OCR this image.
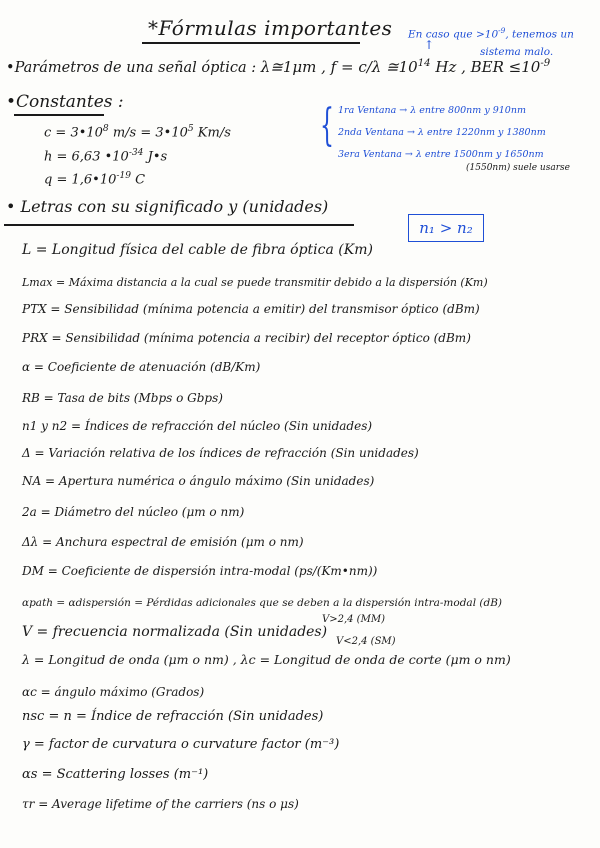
*Fórmulas importantes En caso que $>10^{-9}$, tenemos un
sistema malo.
↑
•Parámetros de una señal óptica : λ≅1μm , f = c/λ $≅10^{14}$ Hz , BER $\le 10^{-9}$
•Constantes :
$c = 3•10^8$ $m/s = 3•10^5$ Km/s
h = 6,63 $•10^{-34}$ J•s
$q = 1,6•10^{-19}$ C
{ 1ra Ventana → λ entre 800nm y 910nm
2nda Ventana → λ entre 1220nm y 1380nm
3era Ventana → λ entre 1500nm y 1650nm
(1550nm) suele usarse
• Letras con su significado y (unidades)
n₁ > n₂
L = Longitud física del cable de fibra óptica (Km)
Lmax = Máxima distancia a la cual se puede transmitir debido a la dispersión (Km)
PTX = Sensibilidad (mínima potencia a emitir) del transmisor óptico (dBm)
PRX = Sensibilidad (mínima potencia a recibir) del receptor óptico (dBm)
α = Coeficiente de atenuación (dB/Km)
RB = Tasa de bits (Mbps o Gbps)
n1 y n2 = Índices de refracción del núcleo (Sin unidades)
Δ = Variación relativa de los índices de refracción (Sin unidades)
NA = Apertura numérica o ángulo máximo (Sin unidades)
2a = Diámetro del núcleo (μm o nm)
Δλ = Anchura espectral de emisión (μm o nm)
DM = Coeficiente de dispersión intra-modal (ps/(Km•nm))
αpath = αdispersión = Pérdidas adicionales que se deben a la dispersión intra-modal (dB)
V = frecuencia normalizada (Sin unidades)
V>2,4 (MM)
V<2,4 (SM)
λ = Longitud de onda (μm o nm) , λc = Longitud de onda de corte (μm o nm)
αc = ángulo máximo (Grados)
nsc = n = Índice de refracción (Sin unidades)
γ = factor de curvatura o curvature factor (m⁻³)
αs = Scattering losses (m⁻¹)
τr = Average lifetime of the carriers (ns o μs)
